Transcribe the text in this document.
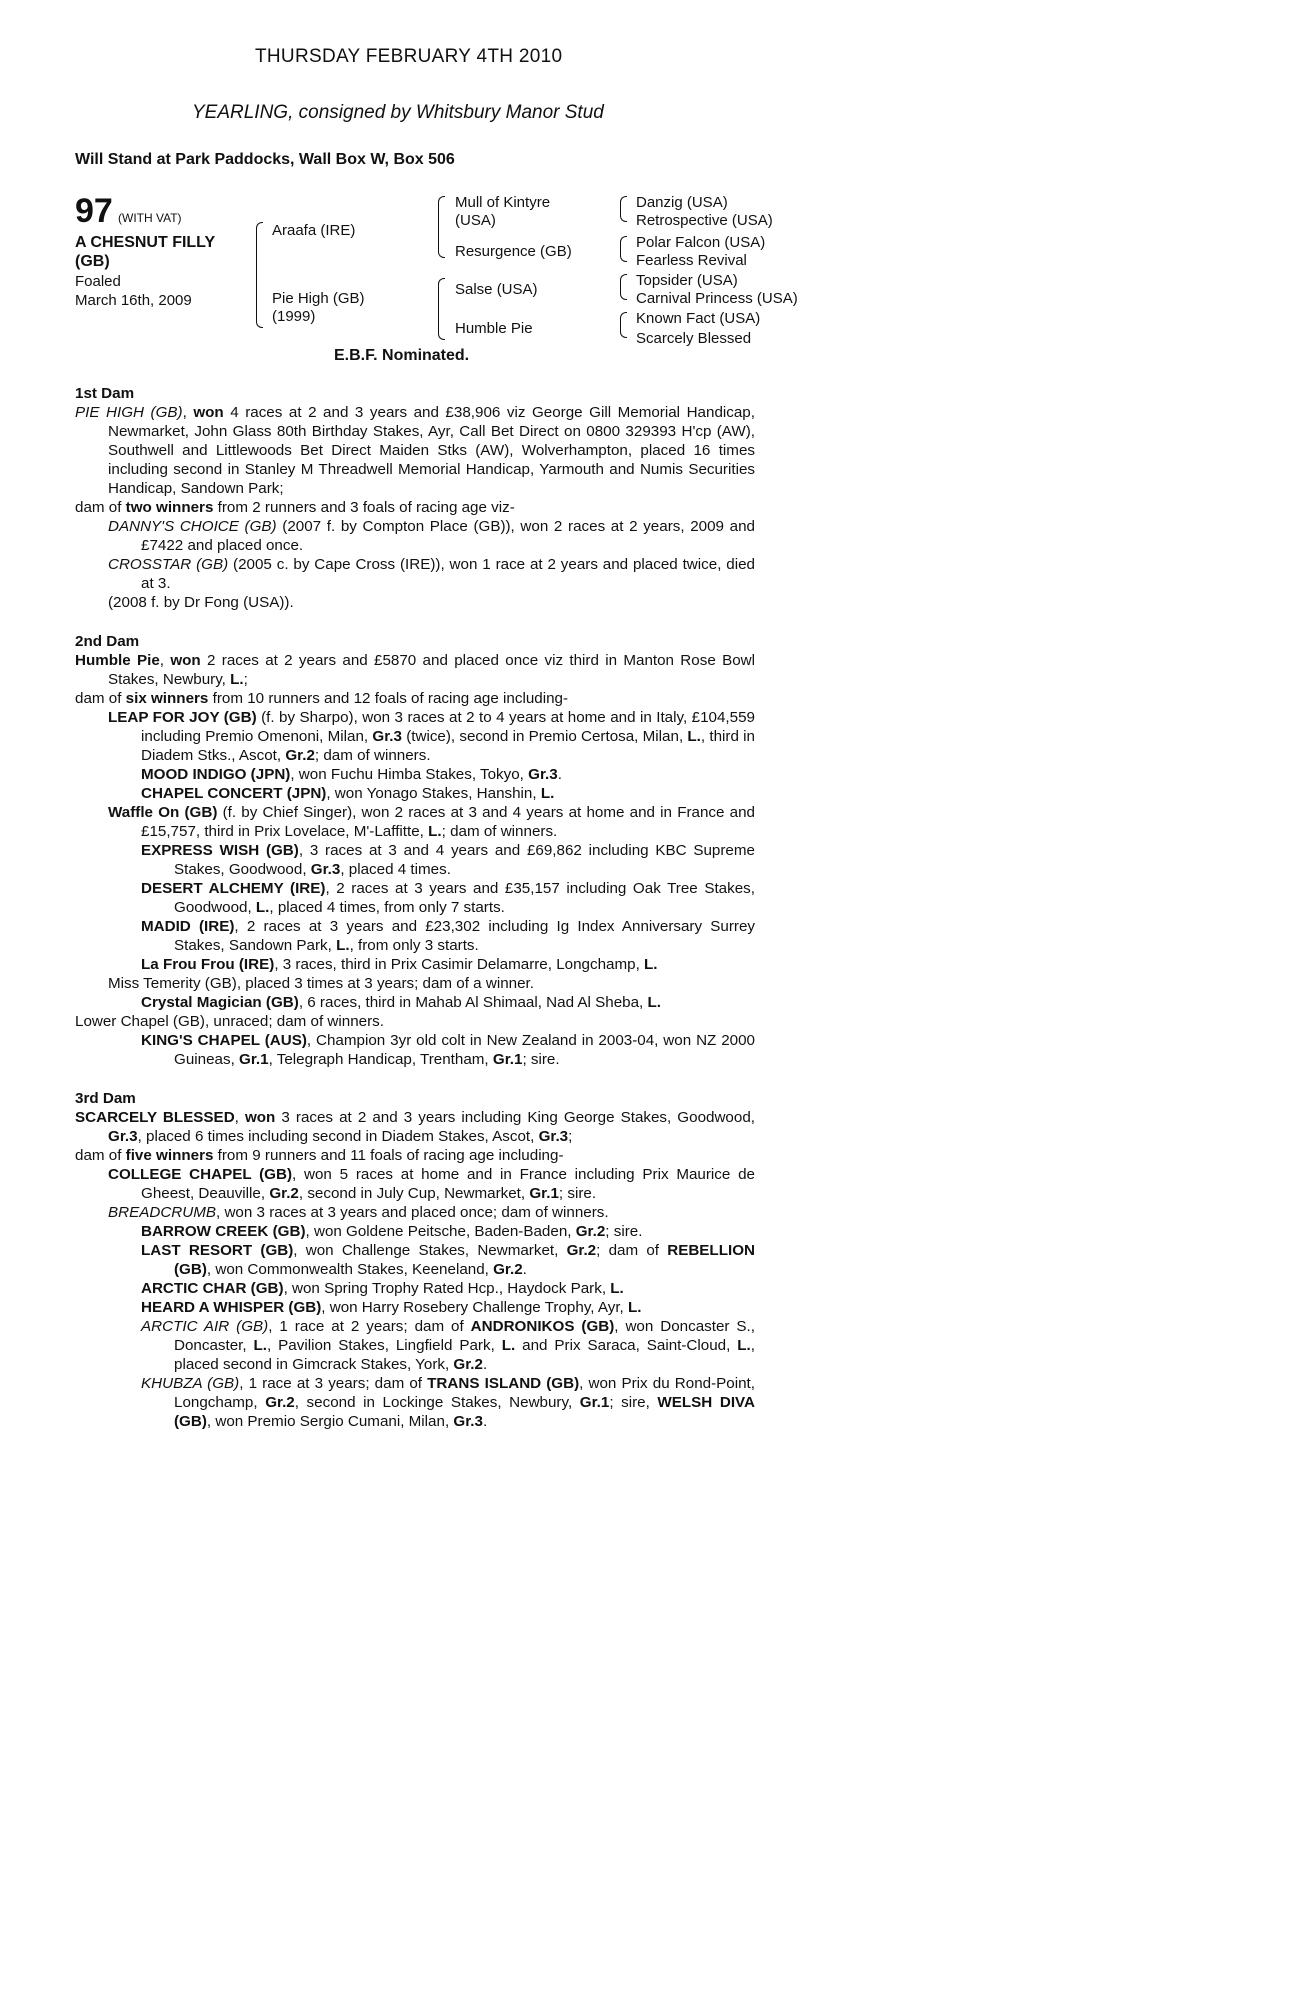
THURSDAY FEBRUARY 4TH 2010
YEARLING, consigned by Whitsbury Manor Stud
Will Stand at Park Paddocks, Wall Box W, Box 506
97 (WITH VAT)
A CHESNUT FILLY
(GB)
Foaled
March 16th, 2009
Araafa (IRE)
Pie High (GB)
(1999)
Mull of Kintyre
(USA)
Resurgence (GB)
Salse (USA)
Humble Pie
Danzig (USA)
Retrospective (USA)
Polar Falcon (USA)
Fearless Revival
Topsider (USA)
Carnival Princess (USA)
Known Fact (USA)
Scarcely Blessed
E.B.F. Nominated.
1st Dam
PIE HIGH (GB), won 4 races at 2 and 3 years and £38,906 viz George Gill Memorial Handicap, Newmarket, John Glass 80th Birthday Stakes, Ayr, Call Bet Direct on 0800 329393 H'cp (AW), Southwell and Littlewoods Bet Direct Maiden Stks (AW), Wolverhampton, placed 16 times including second in Stanley M Threadwell Memorial Handicap, Yarmouth and Numis Securities Handicap, Sandown Park;
dam of two winners from 2 runners and 3 foals of racing age viz-
DANNY'S CHOICE (GB) (2007 f. by Compton Place (GB)), won 2 races at 2 years, 2009 and £7422 and placed once.
CROSSTAR (GB) (2005 c. by Cape Cross (IRE)), won 1 race at 2 years and placed twice, died at 3.
(2008 f. by Dr Fong (USA)).
2nd Dam
Humble Pie, won 2 races at 2 years and £5870 and placed once viz third in Manton Rose Bowl Stakes, Newbury, L.;
dam of six winners from 10 runners and 12 foals of racing age including-
LEAP FOR JOY (GB) (f. by Sharpo), won 3 races at 2 to 4 years at home and in Italy, £104,559 including Premio Omenoni, Milan, Gr.3 (twice), second in Premio Certosa, Milan, L., third in Diadem Stks., Ascot, Gr.2; dam of winners.
MOOD INDIGO (JPN), won Fuchu Himba Stakes, Tokyo, Gr.3.
CHAPEL CONCERT (JPN), won Yonago Stakes, Hanshin, L.
Waffle On (GB) (f. by Chief Singer), won 2 races at 3 and 4 years at home and in France and £15,757, third in Prix Lovelace, M'-Laffitte, L.; dam of winners.
EXPRESS WISH (GB), 3 races at 3 and 4 years and £69,862 including KBC Supreme Stakes, Goodwood, Gr.3, placed 4 times.
DESERT ALCHEMY (IRE), 2 races at 3 years and £35,157 including Oak Tree Stakes, Goodwood, L., placed 4 times, from only 7 starts.
MADID (IRE), 2 races at 3 years and £23,302 including Ig Index Anniversary Surrey Stakes, Sandown Park, L., from only 3 starts.
La Frou Frou (IRE), 3 races, third in Prix Casimir Delamarre, Longchamp, L.
Miss Temerity (GB), placed 3 times at 3 years; dam of a winner.
Crystal Magician (GB), 6 races, third in Mahab Al Shimaal, Nad Al Sheba, L.
Lower Chapel (GB), unraced; dam of winners.
KING'S CHAPEL (AUS), Champion 3yr old colt in New Zealand in 2003-04, won NZ 2000 Guineas, Gr.1, Telegraph Handicap, Trentham, Gr.1; sire.
3rd Dam
SCARCELY BLESSED, won 3 races at 2 and 3 years including King George Stakes, Goodwood, Gr.3, placed 6 times including second in Diadem Stakes, Ascot, Gr.3;
dam of five winners from 9 runners and 11 foals of racing age including-
COLLEGE CHAPEL (GB), won 5 races at home and in France including Prix Maurice de Gheest, Deauville, Gr.2, second in July Cup, Newmarket, Gr.1; sire.
BREADCRUMB, won 3 races at 3 years and placed once; dam of winners.
BARROW CREEK (GB), won Goldene Peitsche, Baden-Baden, Gr.2; sire.
LAST RESORT (GB), won Challenge Stakes, Newmarket, Gr.2; dam of REBELLION (GB), won Commonwealth Stakes, Keeneland, Gr.2.
ARCTIC CHAR (GB), won Spring Trophy Rated Hcp., Haydock Park, L.
HEARD A WHISPER (GB), won Harry Rosebery Challenge Trophy, Ayr, L.
ARCTIC AIR (GB), 1 race at 2 years; dam of ANDRONIKOS (GB), won Doncaster S., Doncaster, L., Pavilion Stakes, Lingfield Park, L. and Prix Saraca, Saint-Cloud, L., placed second in Gimcrack Stakes, York, Gr.2.
KHUBZA (GB), 1 race at 3 years; dam of TRANS ISLAND (GB), won Prix du Rond-Point, Longchamp, Gr.2, second in Lockinge Stakes, Newbury, Gr.1; sire, WELSH DIVA (GB), won Premio Sergio Cumani, Milan, Gr.3.
